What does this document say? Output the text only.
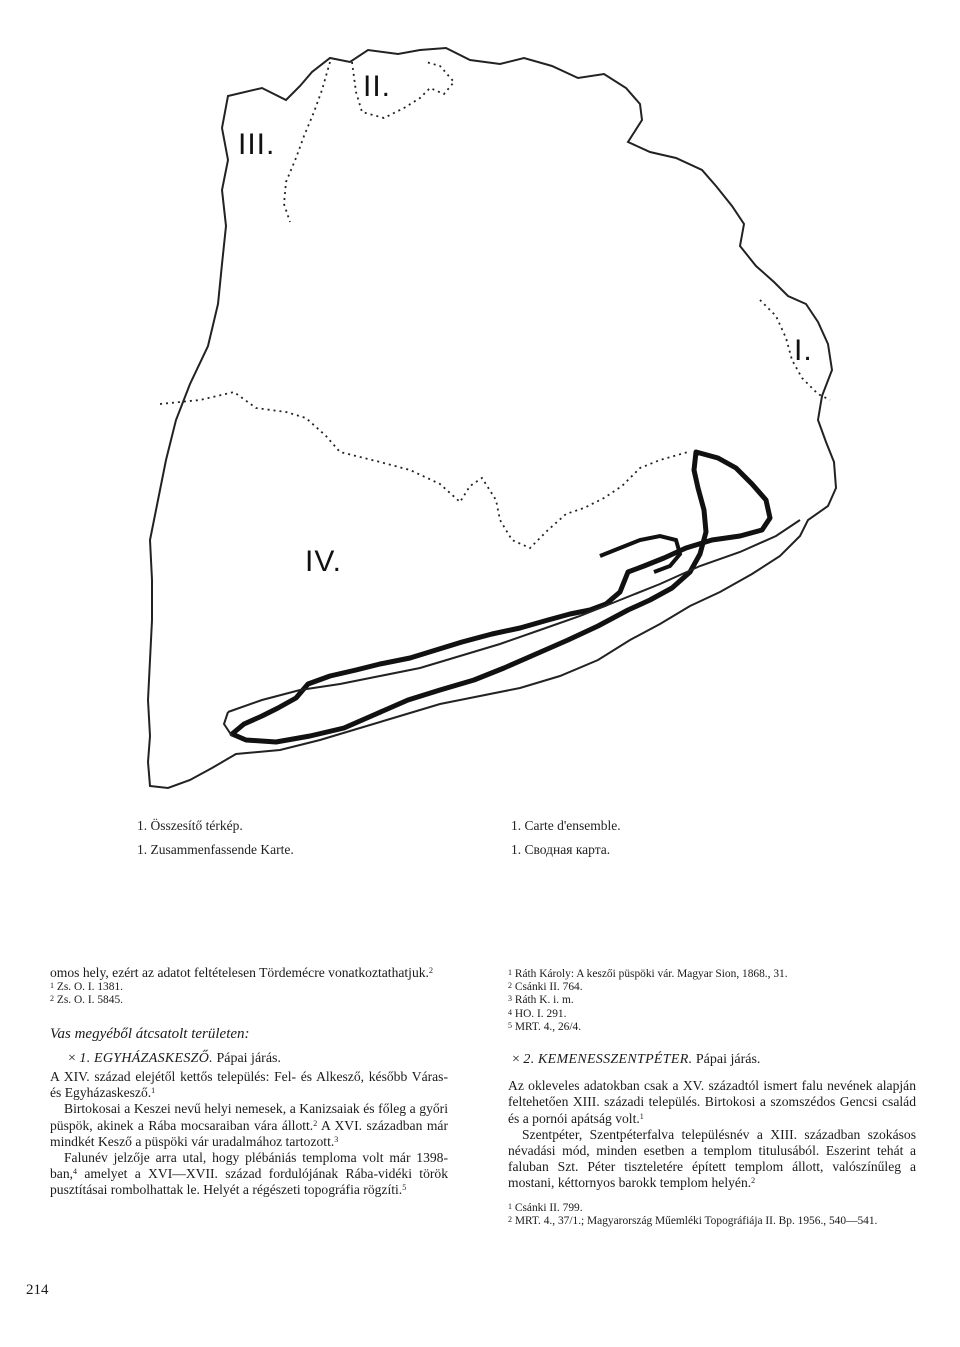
III.
II.
I.
IV.
1. Összesítő térkép.
1. Zusammenfassende Karte.
1. Carte d'ensemble.
1. Сводная карта.

omos hely, ezért az adatot feltételesen Tördemécre vonatkoztathatjuk.$^2$

$^1$ Zs. O. I. 1381.

$^2$ Zs. O. I. 5845.

Vas megyéből átcsatolt területen:

× 1. EGYHÁZASKESZŐ. Pápai járás.

A XIV. század elejétől kettős település: Fel- és Alkesző, később Váras- és Egyházaskesző.$^1$

Birtokosai a Keszei nevű helyi nemesek, a Kanizsaiak és főleg a győri püspök, akinek a Rába mocsaraiban vára állott.$^2$ A XVI. században már mindkét Kesző a püspöki vár uradalmához tartozott.$^3$

Falunév jelzője arra utal, hogy plébániás temploma volt már 1398-ban,$^4$ amelyet a XVI—XVII. század fordulójának Rába-vidéki török pusztításai rombolhattak le. Helyét a régészeti topográfia rögzíti.$^5$

$^1$ Ráth Károly: A keszői püspöki vár. Magyar Sion, 1868., 31.

$^2$ Csánki II. 764.

$^3$ Ráth K. i. m.

$^4$ HO. I. 291.

$^5$ MRT. 4., 26/4.

× 2. KEMENESSZENTPÉTER. Pápai járás.

Az okleveles adatokban csak a XV. századtól ismert falu nevének alapján feltehetően XIII. századi település. Birtokosi a szomszédos Gencsi család és a pornói apátság volt.$^1$

Szentpéter, Szentpéterfalva településnév a XIII. században szokásos névadási mód, minden esetben a templom titulusából. Eszerint tehát a faluban Szt. Péter tiszteletére épített templom állott, valószínűleg a mostani, kéttornyos barokk templom helyén.$^2$

$^1$ Csánki II. 799.

$^2$ MRT. 4., 37/1.; Magyarország Műemléki Topográfiája II. Bp. 1956., 540—541.

214
